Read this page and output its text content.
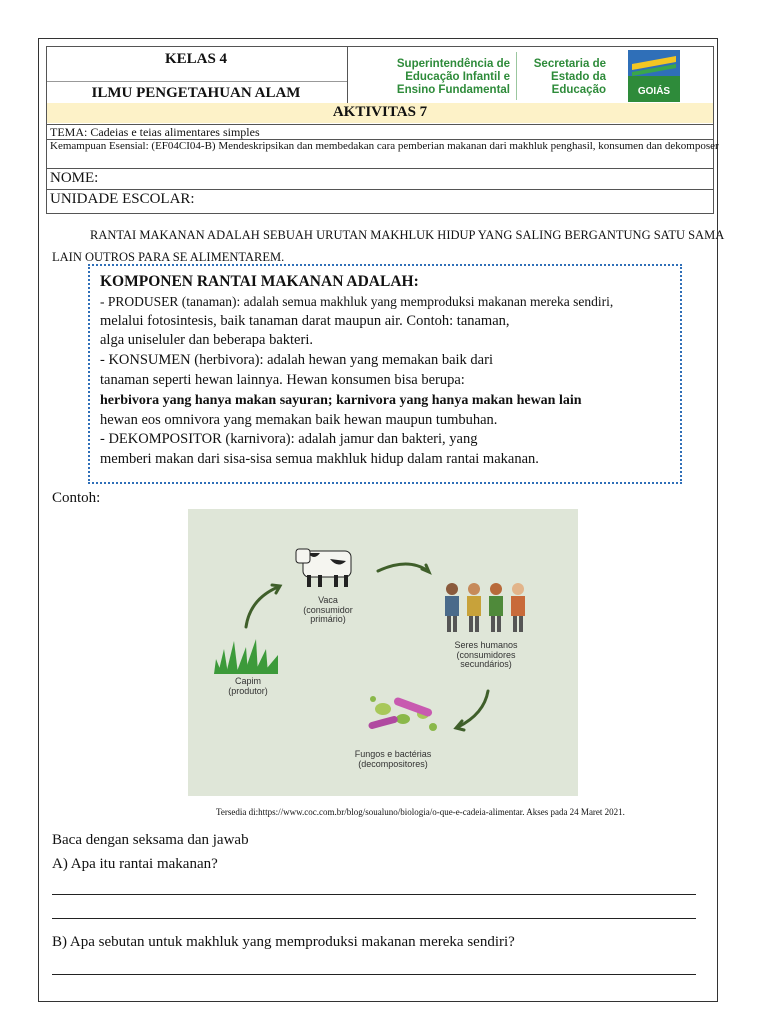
KELAS 4
ILMU PENGETAHUAN ALAM
Superintendência de
Educação Infantil e
Ensino Fundamental
Secretaria de
Estado da
Educação	GOIÁS
AKTIVITAS 7
TEMA: Cadeias e teias alimentares simples
Kemampuan Esensial: (EF04CI04-B) Mendeskripsikan dan membedakan cara pemberian makanan dari makhluk penghasil, konsumen dan dekomposer
NOME:
UNIDADE ESCOLAR:
RANTAI MAKANAN ADALAH SEBUAH URUTAN MAKHLUK HIDUP YANG SALING BERGANTUNG SATU SAMA LAIN OUTROS PARA SE ALIMENTAREM.

KOMPONEN RANTAI MAKANAN ADALAH:

- PRODUSER (tanaman): adalah semua makhluk yang memproduksi makanan mereka sendiri,

melalui fotosintesis, baik tanaman darat maupun air. Contoh: tanaman,

alga uniseluler dan beberapa bakteri.

- KONSUMEN (herbivora): adalah hewan yang memakan baik dari

tanaman seperti hewan lainnya. Hewan konsumen bisa berupa:

herbivora yang hanya makan sayuran; karnivora yang hanya makan hewan lain

hewan eos omnivora yang memakan baik hewan maupun tumbuhan.

- DEKOMPOSITOR (karnivora): adalah jamur dan bakteri, yang

memberi makan dari sisa-sisa semua makhluk hidup dalam rantai makanan.

Contoh:
Vaca
(consumidor
primário)
Seres humanos
(consumidores
secundários)
Capim
(produtor)
Fungos e bactérias
(decompositores)
Tersedia di:https://www.coc.com.br/blog/soualuno/biologia/o-que-e-cadeia-alimentar. Akses pada 24 Maret 2021.
Baca dengan seksama dan jawab
A) Apa itu rantai makanan?
B) Apa sebutan untuk makhluk yang memproduksi makanan mereka sendiri?
